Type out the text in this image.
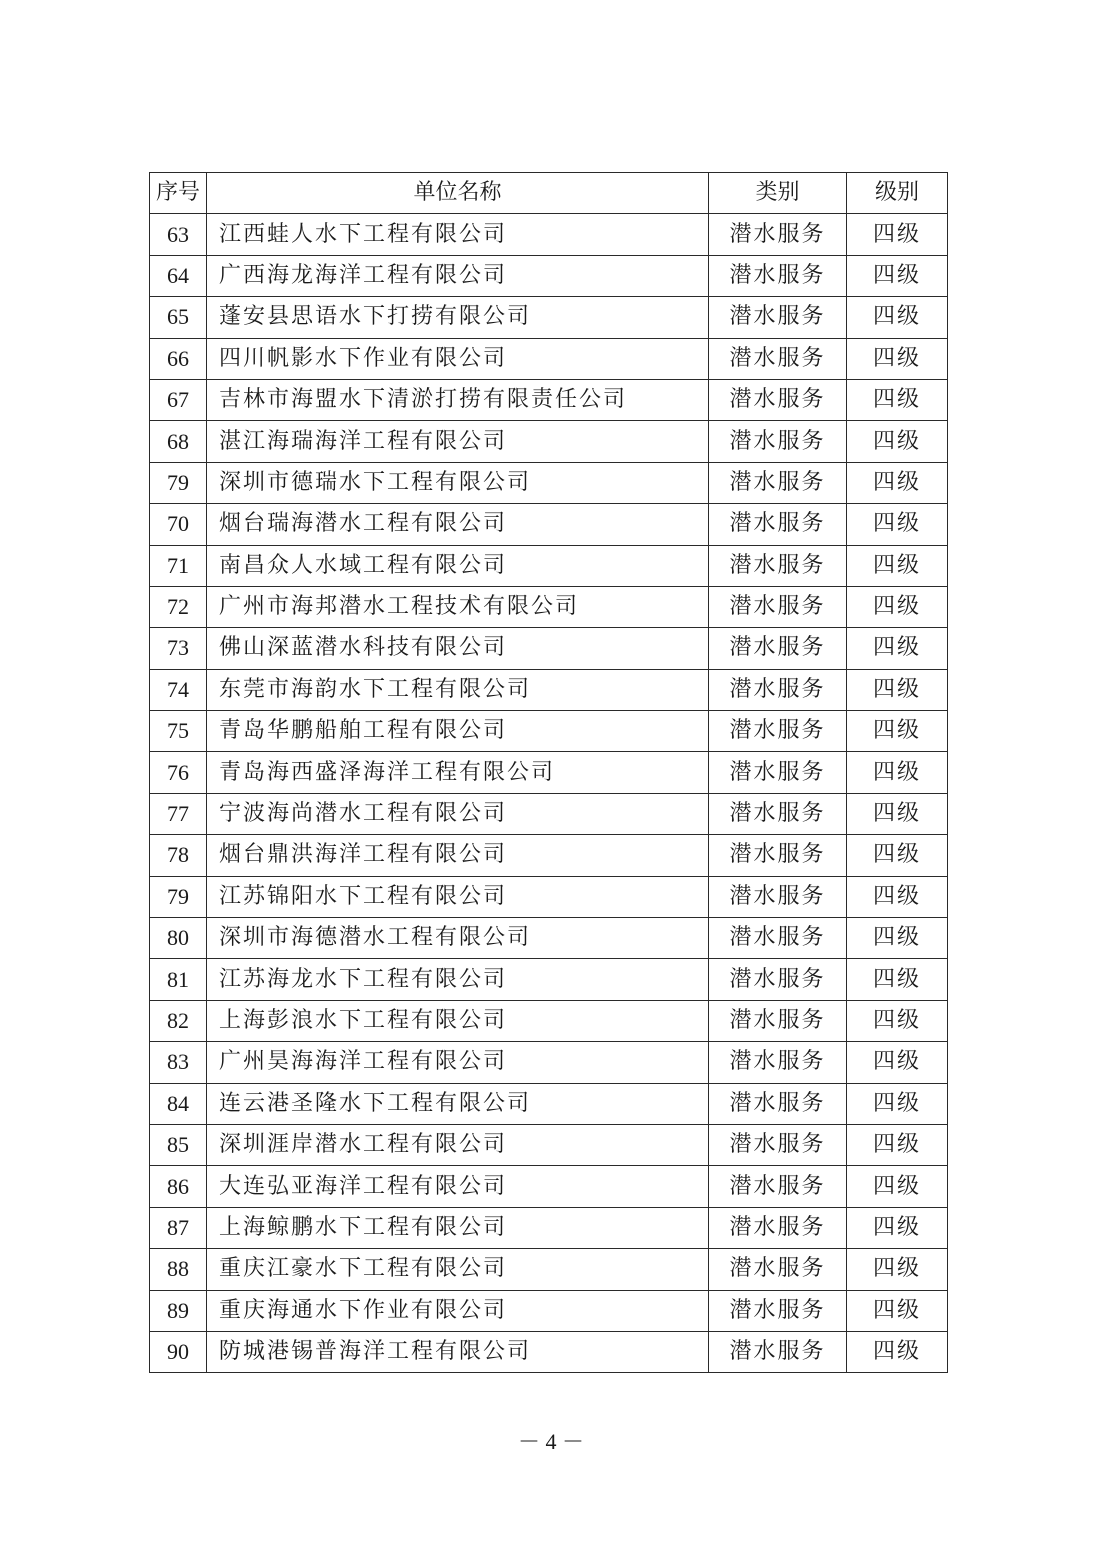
序号	单位名称	类别	级别
63	江西蛙人水下工程有限公司	潜水服务	四级
64	广西海龙海洋工程有限公司	潜水服务	四级
65	蓬安县思语水下打捞有限公司	潜水服务	四级
66	四川帆影水下作业有限公司	潜水服务	四级
67	吉林市海盟水下清淤打捞有限责任公司	潜水服务	四级
68	湛江海瑞海洋工程有限公司	潜水服务	四级
79	深圳市德瑞水下工程有限公司	潜水服务	四级
70	烟台瑞海潜水工程有限公司	潜水服务	四级
71	南昌众人水域工程有限公司	潜水服务	四级
72	广州市海邦潜水工程技术有限公司	潜水服务	四级
73	佛山深蓝潜水科技有限公司	潜水服务	四级
74	东莞市海韵水下工程有限公司	潜水服务	四级
75	青岛华鹏船舶工程有限公司	潜水服务	四级
76	青岛海西盛泽海洋工程有限公司	潜水服务	四级
77	宁波海尚潜水工程有限公司	潜水服务	四级
78	烟台鼎洪海洋工程有限公司	潜水服务	四级
79	江苏锦阳水下工程有限公司	潜水服务	四级
80	深圳市海德潜水工程有限公司	潜水服务	四级
81	江苏海龙水下工程有限公司	潜水服务	四级
82	上海彭浪水下工程有限公司	潜水服务	四级
83	广州昊海海洋工程有限公司	潜水服务	四级
84	连云港圣隆水下工程有限公司	潜水服务	四级
85	深圳涯岸潜水工程有限公司	潜水服务	四级
86	大连弘亚海洋工程有限公司	潜水服务	四级
87	上海鲸鹏水下工程有限公司	潜水服务	四级
88	重庆江豪水下工程有限公司	潜水服务	四级
89	重庆海通水下作业有限公司	潜水服务	四级
90	防城港锡普海洋工程有限公司	潜水服务	四级
－ 4 －
